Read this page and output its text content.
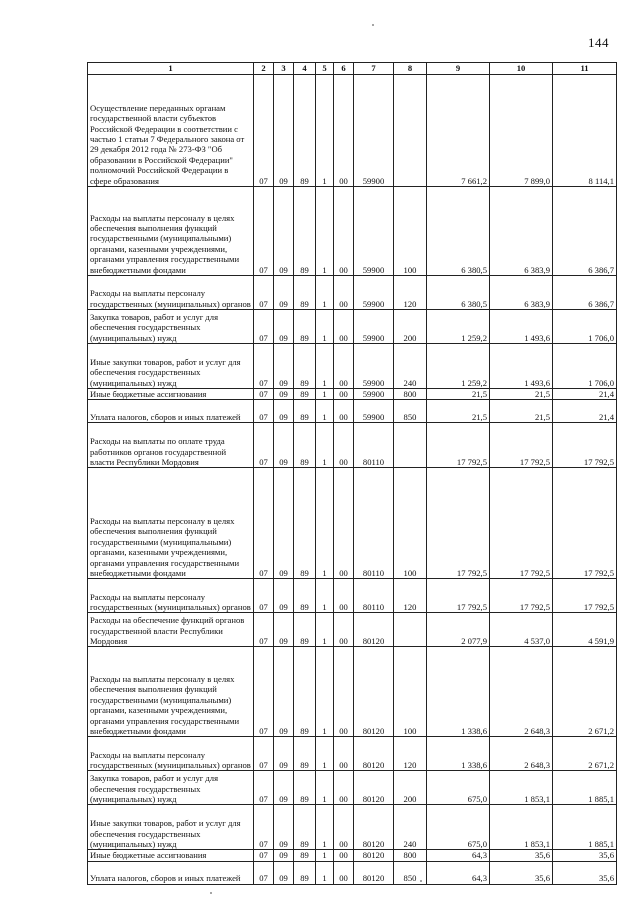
144
1	2	3	4	5	6	7	8	9	10	11
Осуществление переданных органам государственной власти субъектов Российской Федерации в соответствии с частью 1 статьи 7 Федерального закона от 29 декабря 2012 года № 273-ФЗ "Об образовании в Российской Федерации" полномочий Российской Федерации в сфере образования	07	09	89	1	00	59900		7 661,2	7 899,0	8 114,1
Расходы на выплаты персоналу в целях обеспечения выполнения функций государственными (муниципальными) органами, казенными учреждениями, органами управления государственными внебюджетными фондами	07	09	89	1	00	59900	100	6 380,5	6 383,9	6 386,7
Расходы на выплаты персоналу государственных (муниципальных) органов	07	09	89	1	00	59900	120	6 380,5	6 383,9	6 386,7
Закупка товаров, работ и услуг для обеспечения государственных (муниципальных) нужд	07	09	89	1	00	59900	200	1 259,2	1 493,6	1 706,0
Иные закупки товаров, работ и услуг для обеспечения государственных (муниципальных) нужд	07	09	89	1	00	59900	240	1 259,2	1 493,6	1 706,0
Иные бюджетные ассигнования	07	09	89	1	00	59900	800	21,5	21,5	21,4
Уплата налогов, сборов и иных платежей	07	09	89	1	00	59900	850	21,5	21,5	21,4
Расходы на выплаты по оплате труда работников органов государственной власти Республики Мордовия	07	09	89	1	00	80110		17 792,5	17 792,5	17 792,5
Расходы на выплаты персоналу в целях обеспечения выполнения функций государственными (муниципальными) органами, казенными учреждениями, органами управления государственными внебюджетными фондами	07	09	89	1	00	80110	100	17 792,5	17 792,5	17 792,5
Расходы на выплаты персоналу государственных (муниципальных) органов	07	09	89	1	00	80110	120	17 792,5	17 792,5	17 792,5
Расходы на обеспечение функций органов государственной власти Республики Мордовия	07	09	89	1	00	80120		2 077,9	4 537,0	4 591,9
Расходы на выплаты персоналу в целях обеспечения выполнения функций государственными (муниципальными) органами, казенными учреждениями, органами управления государственными внебюджетными фондами	07	09	89	1	00	80120	100	1 338,6	2 648,3	2 671,2
Расходы на выплаты персоналу государственных (муниципальных) органов	07	09	89	1	00	80120	120	1 338,6	2 648,3	2 671,2
Закупка товаров, работ и услуг для обеспечения государственных (муниципальных) нужд	07	09	89	1	00	80120	200	675,0	1 853,1	1 885,1
Иные закупки товаров, работ и услуг для обеспечения государственных (муниципальных) нужд	07	09	89	1	00	80120	240	675,0	1 853,1	1 885,1
Иные бюджетные ассигнования	07	09	89	1	00	80120	800	64,3	35,6	35,6
Уплата налогов, сборов и иных платежей	07	09	89	1	00	80120	850	64,3	35,6	35,6
